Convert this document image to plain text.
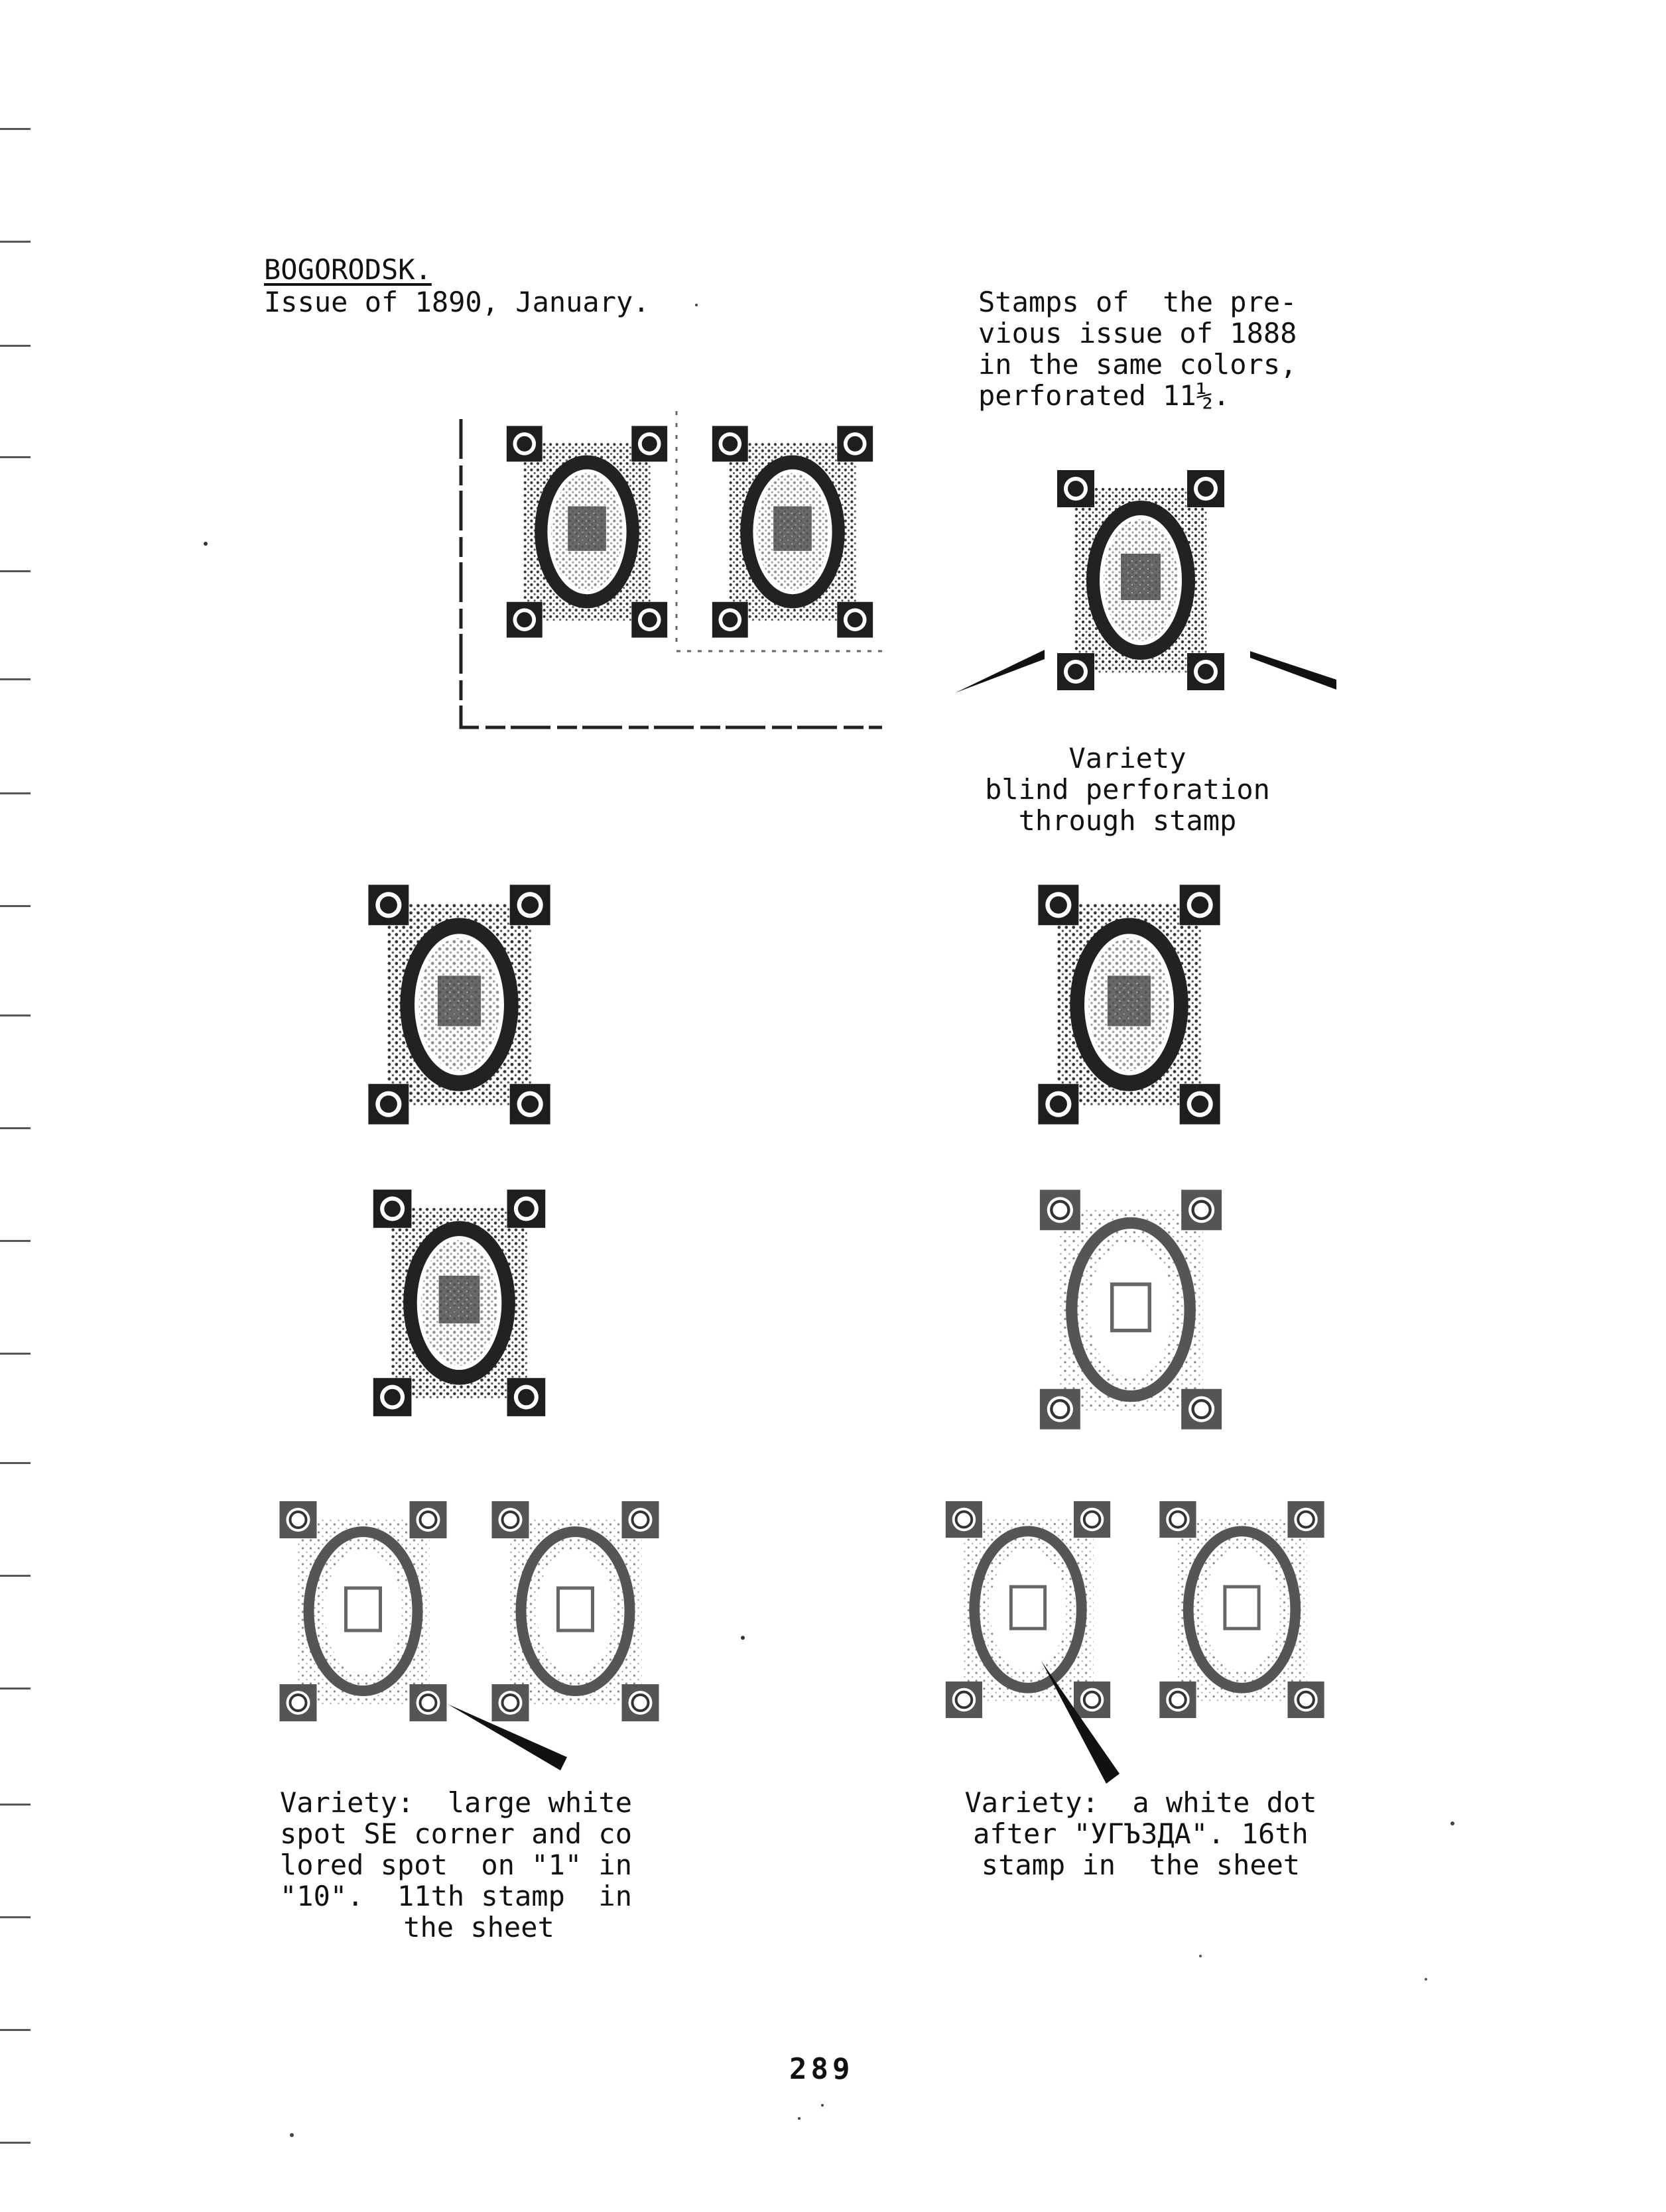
BOGORODSK.
Issue of 1890, January.	Stamps of  the pre-
vious issue of 1888
in the same colors,
perforated 11½.
Variety
blind perforation
through stamp
Variety:  large white
spot SE corner and co
lored spot  on "1" in
"10".  11th stamp  in
the sheet
Variety:  a white dot
after "УГЪЗДА". 16th
stamp in  the sheet
289
